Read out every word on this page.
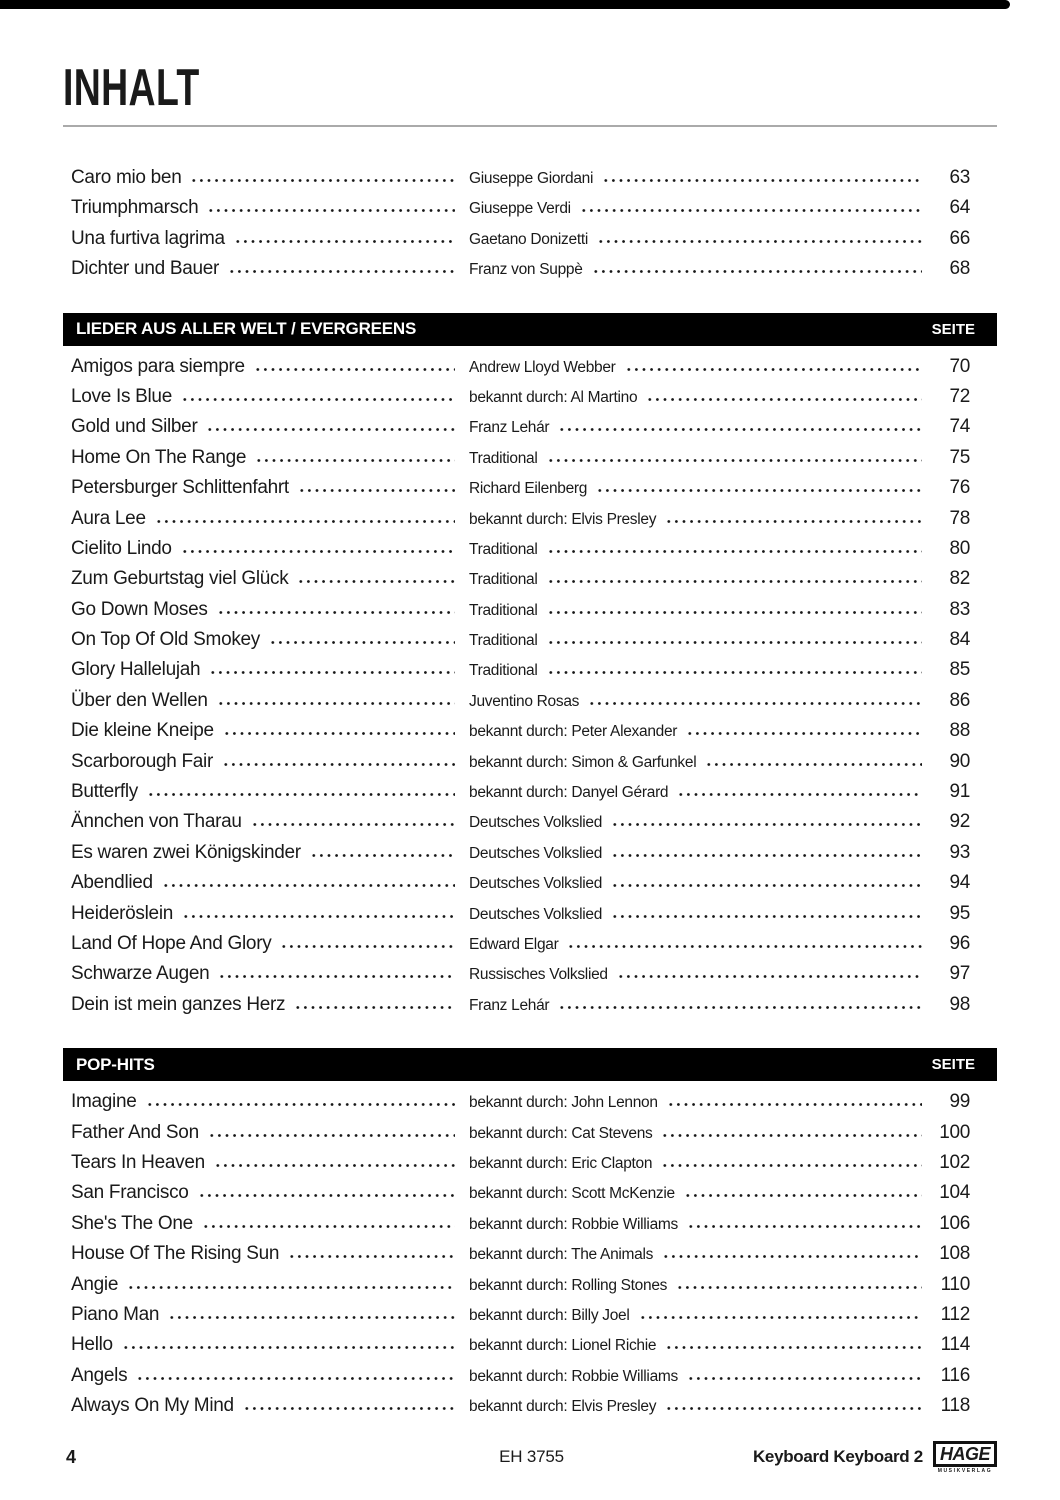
INHALT
Caro mio ben	Giuseppe Giordani	63
Triumphmarsch	Giuseppe Verdi	64
Una furtiva lagrima	Gaetano Donizetti	66
Dichter und Bauer	Franz von Suppè	68
LIEDER AUS ALLER WELT / EVERGREENS	SEITE
Amigos para siempre	Andrew Lloyd Webber	70
Love Is Blue	bekannt durch: Al Martino	72
Gold und Silber	Franz Lehár	74
Home On The Range	Traditional	75
Petersburger Schlittenfahrt	Richard Eilenberg	76
Aura Lee	bekannt durch: Elvis Presley	78
Cielito Lindo	Traditional	80
Zum Geburtstag viel Glück	Traditional	82
Go Down Moses	Traditional	83
On Top Of Old Smokey	Traditional	84
Glory Hallelujah	Traditional	85
Über den Wellen	Juventino Rosas	86
Die kleine Kneipe	bekannt durch: Peter Alexander	88
Scarborough Fair	bekannt durch: Simon & Garfunkel	90
Butterfly	bekannt durch: Danyel Gérard	91
Ännchen von Tharau	Deutsches Volkslied	92
Es waren zwei Königskinder	Deutsches Volkslied	93
Abendlied	Deutsches Volkslied	94
Heideröslein	Deutsches Volkslied	95
Land Of Hope And Glory	Edward Elgar	96
Schwarze Augen	Russisches Volkslied	97
Dein ist mein ganzes Herz	Franz Lehár	98
POP-HITS	SEITE
Imagine	bekannt durch: John Lennon	99
Father And Son	bekannt durch: Cat Stevens	100
Tears In Heaven	bekannt durch: Eric Clapton	102
San Francisco	bekannt durch: Scott McKenzie	104
She's The One	bekannt durch: Robbie Williams	106
House Of The Rising Sun	bekannt durch: The Animals	108
Angie	bekannt durch: Rolling Stones	110
Piano Man	bekannt durch: Billy Joel	112
Hello	bekannt durch: Lionel Richie	114
Angels	bekannt durch: Robbie Williams	116
Always On My Mind	bekannt durch: Elvis Presley	118
4	EH 3755	Keyboard Keyboard 2 HAGE
MUSIKVERLAG
